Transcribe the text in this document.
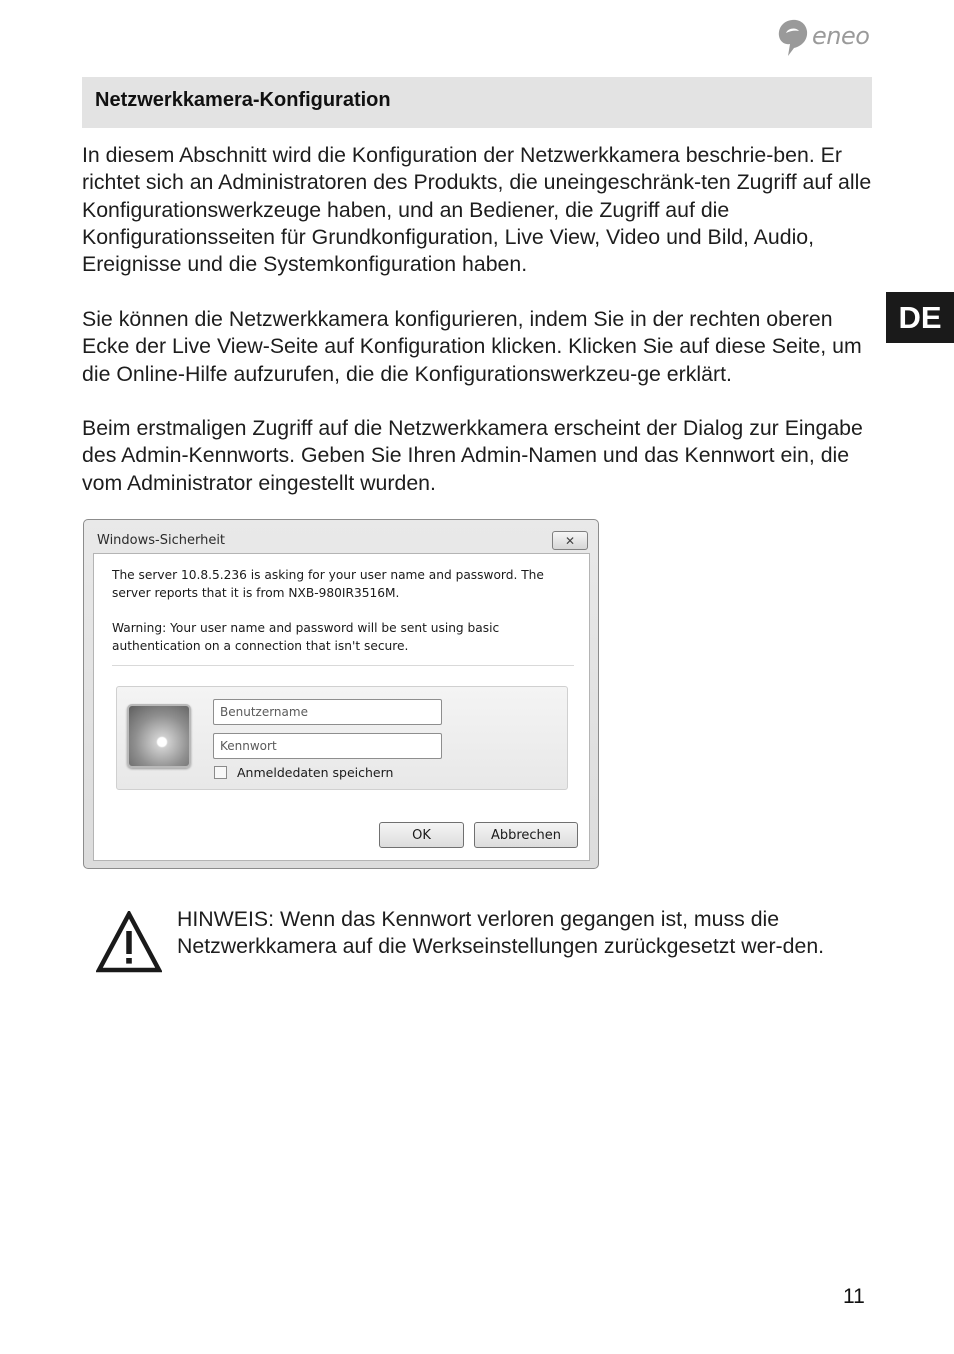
eneo
Netzwerkkamera-Konfiguration

In diesem Abschnitt wird die Konfiguration der Netzwerkkamera beschrie-ben. Er richtet sich an Administratoren des Produkts, die uneingeschränk-ten Zugriff auf alle Konfigurationswerkzeuge haben, und an Bediener, die Zugriff auf die Konfigurationsseiten für Grundkonfiguration, Live View, Video und Bild, Audio, Ereignisse und die Systemkonfiguration haben.

Sie können die Netzwerkkamera konfigurieren, indem Sie in der rechten oberen Ecke der Live View-Seite auf Konfiguration klicken. Klicken Sie auf diese Seite, um die Online-Hilfe aufzurufen, die die Konfigurationswerkzeu-ge erklärt.

Beim erstmaligen Zugriff auf die Netzwerkkamera erscheint der Dialog zur Eingabe des Admin-Kennworts. Geben Sie Ihren Admin-Namen und das Kennwort ein, die vom Administrator eingestellt wurden.

DE
Windows-Sicherheit	✕

The server 10.8.5.236 is asking for your user name and password. The server reports that it is from NXB-980IR3516M.

Warning: Your user name and password will be sent using basic authentication on a connection that isn't secure.

Benutzername
Anmeldedaten speichern
OK	Abbrechen

HINWEIS: Wenn das Kennwort verloren gegangen ist, muss die Netzwerkkamera auf die Werkseinstellungen zurückgesetzt wer-den.

11
